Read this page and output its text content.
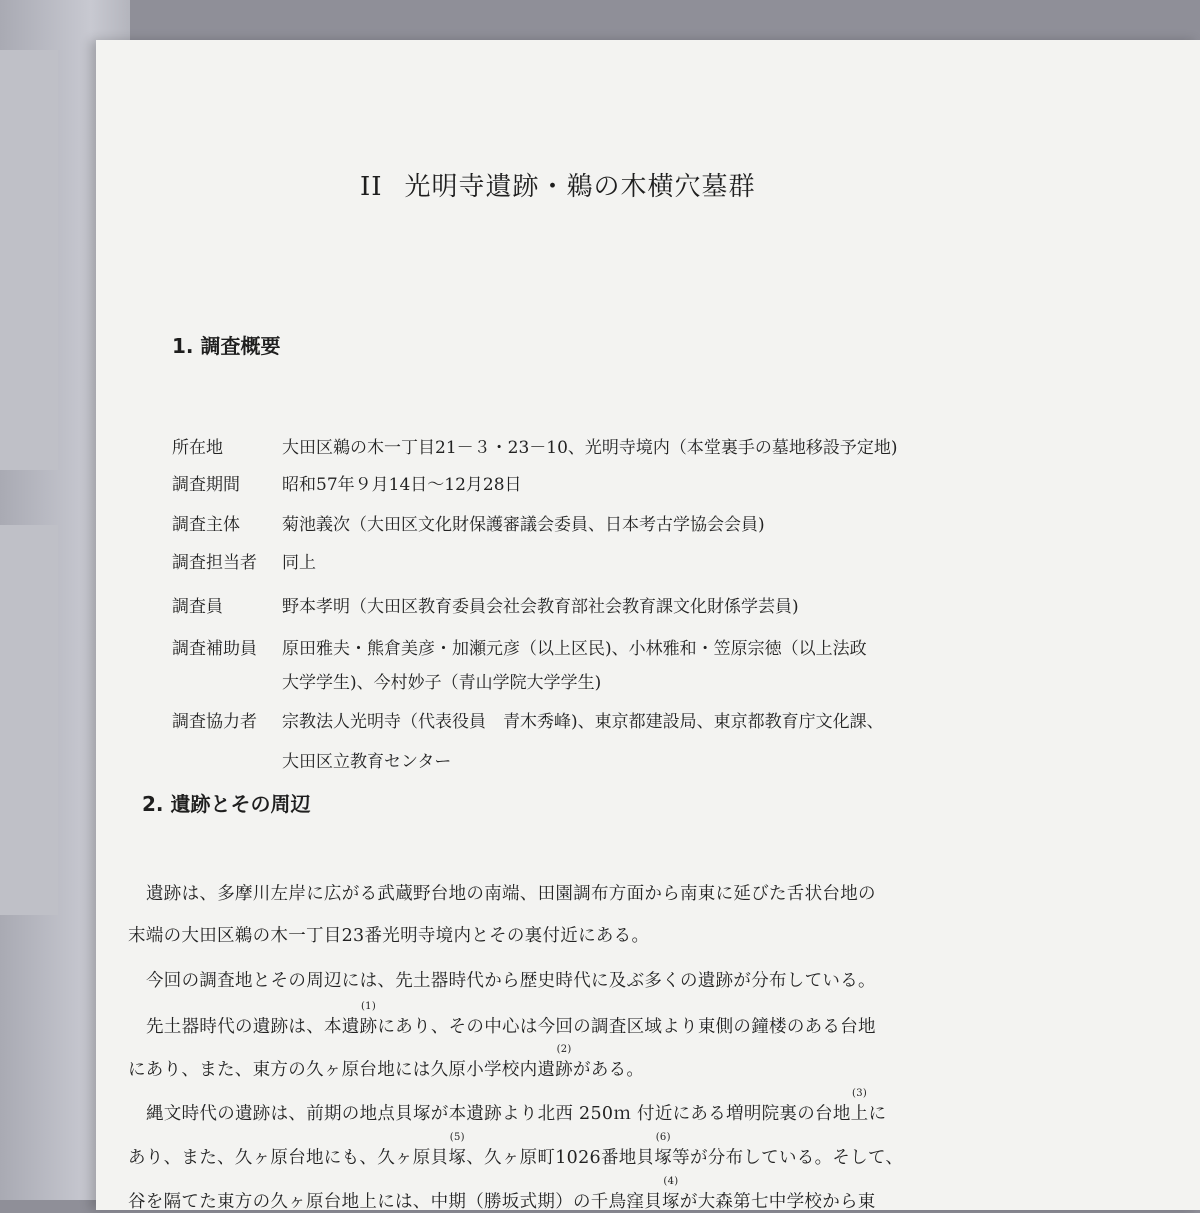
II 光明寺遺跡・鵜の木横穴墓群
1. 調査概要
所在地	大田区鵜の木一丁目21－３・23－10、光明寺境内（本堂裏手の墓地移設予定地)
調査期間 昭和57年９月14日～12月28日
調査主体 菊池義次（大田区文化財保護審議会委員、日本考古学協会会員)
調査担当者 同上
調査員	野本孝明（大田区教育委員会社会教育部社会教育課文化財係学芸員)
調査補助員 原田雅夫・熊倉美彦・加瀬元彦（以上区民)、小林雅和・笠原宗徳（以上法政
大学学生)、今村妙子（青山学院大学学生)
調査協力者 宗教法人光明寺（代表役員　青木秀峰)、東京都建設局、東京都教育庁文化課、
大田区立教育センター
2. 遺跡とその周辺
遺跡は、多摩川左岸に広がる武蔵野台地の南端、田園調布方面から南東に延びた舌状台地の
末端の大田区鵜の木一丁目23番光明寺境内とその裏付近にある。
今回の調査地とその周辺には、先土器時代から歴史時代に及ぶ多くの遺跡が分布している。
先土器時代の遺跡は、本遺
(1)
跡にあり、その中心は今回の調査区域より東側の鐘楼のある台地
にあり、また、東方の久ヶ原台地には久原小学校内遺
(2)
跡がある。
縄文時代の遺跡は、前期の地点貝塚が本遺跡より北西 250ｍ 付近にある増明院裏の台地
(3)
上に
あり、また、久ヶ原台地にも、久ヶ原貝
(5)
塚、久ヶ原町1026番地貝
(6)
塚等が分布している。そして、
谷を隔てた東方の久ヶ原台地上には、中期（勝坂式期）の千鳥窪貝
(4)
塚が大森第七中学校から東
